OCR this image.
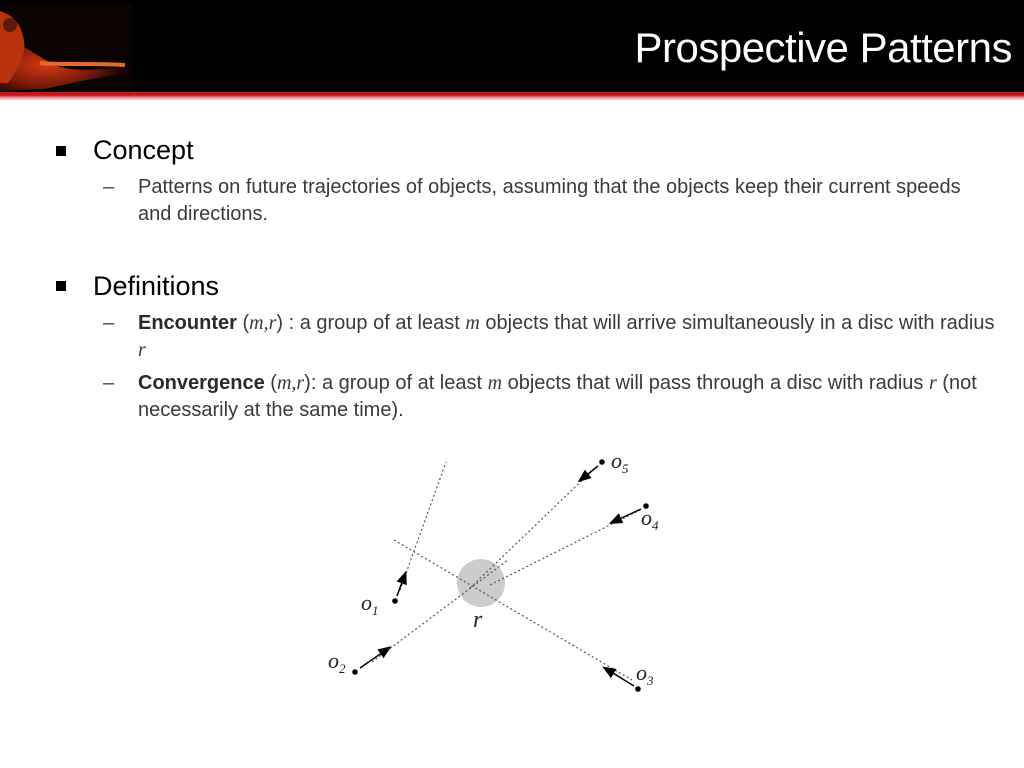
Prospective Patterns
Concept
– Patterns on future trajectories of objects, assuming that the objects keep their current speeds and directions.
Definitions
– Encounter (m,r) : a group of at least m objects that will arrive simultaneously in a disc with radius r
– Convergence (m,r): a group of at least m objects that will pass through a disc with radius r (not necessarily at the same time).
$o_1$
$o_2$	$o_3$
$o_4$
$o_5$
r
